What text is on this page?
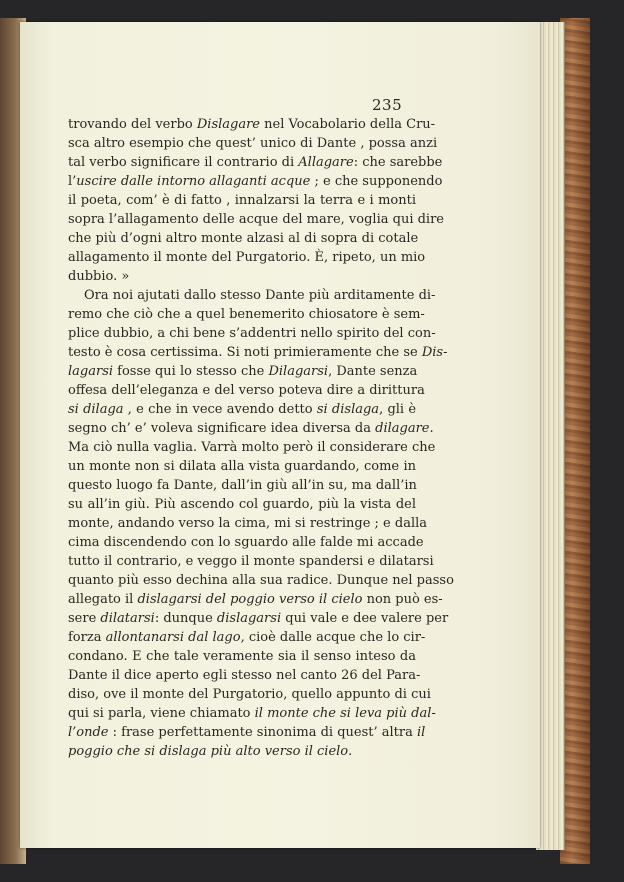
235
trovando del verbo Dislagare nel Vocabolario della Cru-
sca altro esempio che quest’ unico di Dante , possa anzi
tal verbo significare il contrario di Allagare: che sarebbe
l’uscire dalle intorno allaganti acque ; e che supponendo
il poeta, com’ è di fatto , innalzarsi la terra e i monti
sopra l’allagamento delle acque del mare, voglia qui dire
che più d’ogni altro monte alzasi al di sopra di cotale
allagamento il monte del Purgatorio. È, ripeto, un mio
dubbio. »
Ora noi ajutati dallo stesso Dante più arditamente di-
remo che ciò che a quel benemerito chiosatore è sem-
plice dubbio, a chi bene s’addentri nello spirito del con-
testo è cosa certissima. Si noti primieramente che se Dis-
lagarsi fosse qui lo stesso che Dilagarsi, Dante senza
offesa dell’eleganza e del verso poteva dire a dirittura
si dilaga , e che in vece avendo detto si dislaga, gli è
segno ch’ e’ voleva significare idea diversa da dilagare.
Ma ciò nulla vaglia. Varrà molto però il considerare che
un monte non si dilata alla vista guardando, come in
questo luogo fa Dante, dall’in giù all’in su, ma dall’in
su all’in giù. Più ascendo col guardo, più la vista del
monte, andando verso la cima, mi si restringe ; e dalla
cima discendendo con lo sguardo alle falde mi accade
tutto il contrario, e veggo il monte spandersi e dilatarsi
quanto più esso dechina alla sua radice. Dunque nel passo
allegato il dislagarsi del poggio verso il cielo non può es-
sere dilatarsi: dunque dislagarsi qui vale e dee valere per
forza allontanarsi dal lago, cioè dalle acque che lo cir-
condano. E che tale veramente sia il senso inteso da
Dante il dice aperto egli stesso nel canto 26 del Para-
diso, ove il monte del Purgatorio, quello appunto di cui
qui si parla, viene chiamato il monte che si leva più dal-
l’onde : frase perfettamente sinonima di quest’ altra il
poggio che si dislaga più alto verso il cielo.
